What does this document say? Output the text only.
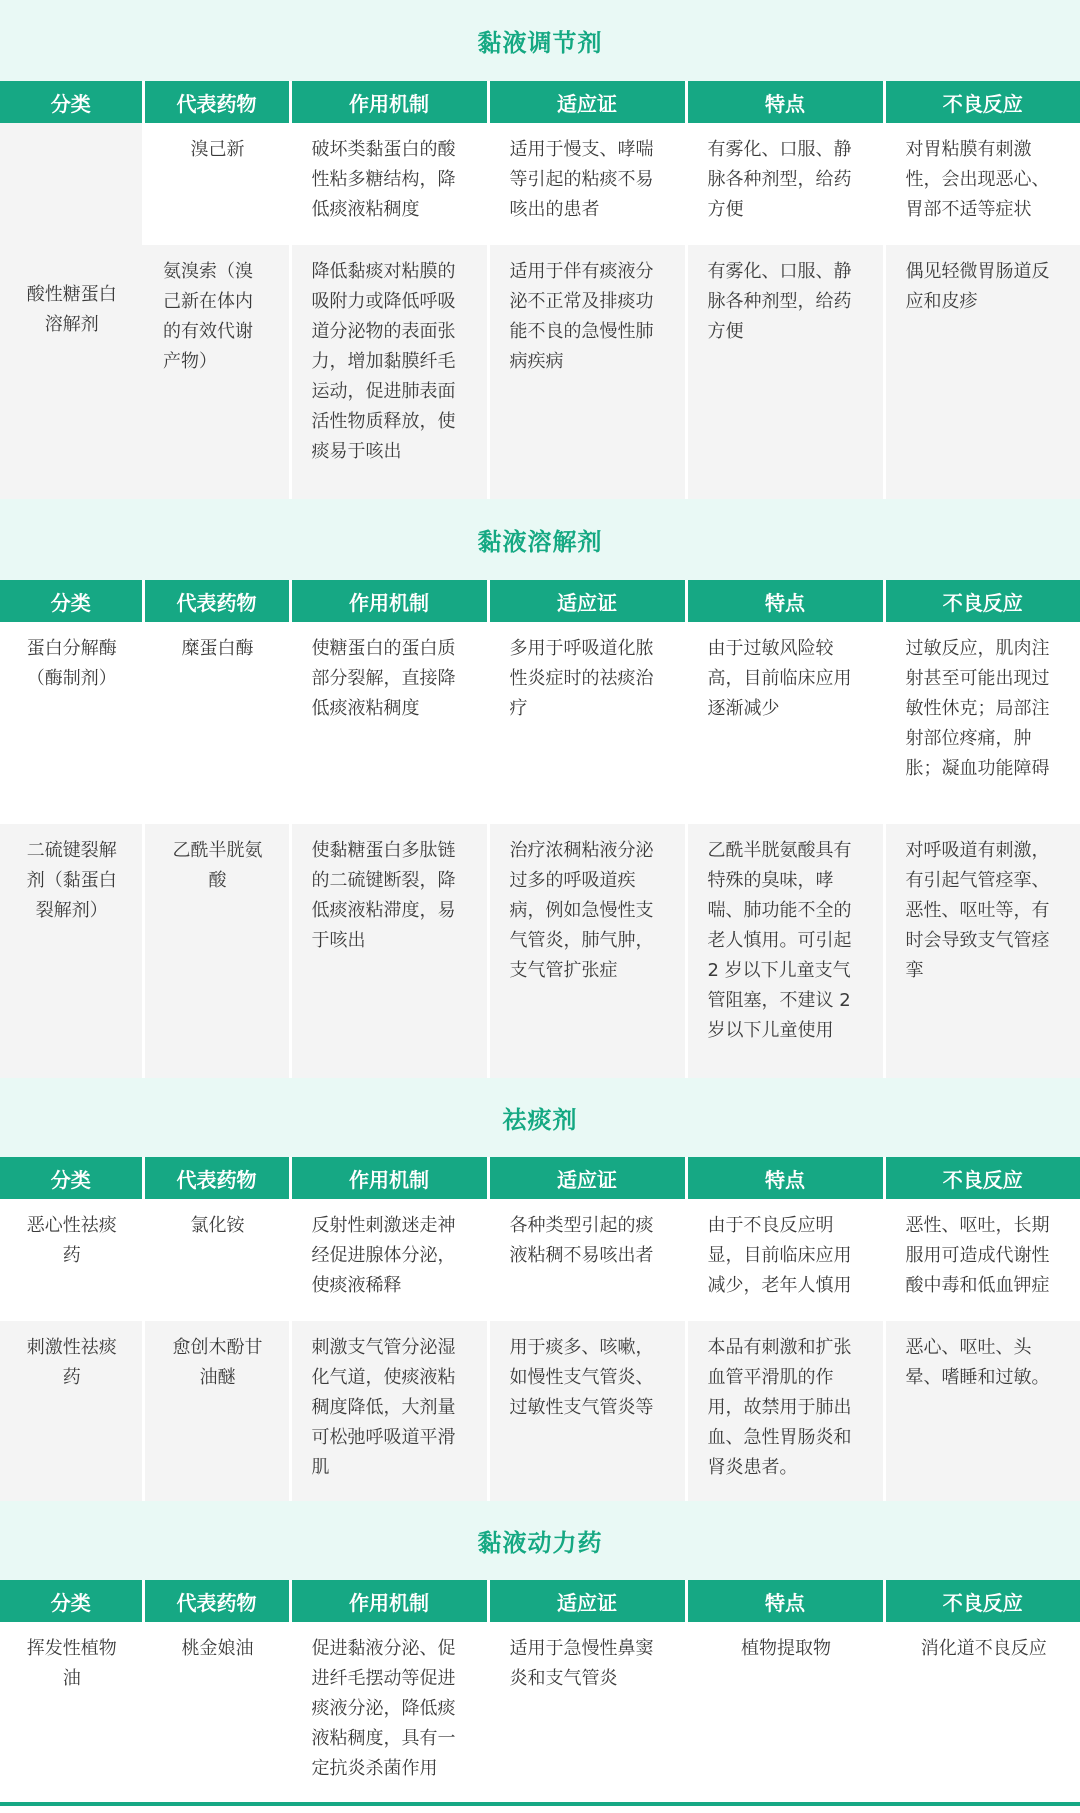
黏液调节剂
分类	代表药物	作用机制	适应证	特点	不良反应
酸性糖蛋白溶解剂	溴己新	破坏类黏蛋白的酸性粘多糖结构，降低痰液粘稠度	适用于慢支、哮喘等引起的粘痰不易咳出的患者	有雾化、口服、静脉各种剂型，给药方便	对胃粘膜有刺激性，会出现恶心、胃部不适等症状
	氨溴索（溴己新在体内的有效代谢产物）	降低黏痰对粘膜的吸附力或降低呼吸道分泌物的表面张力，增加黏膜纤毛运动，促进肺表面活性物质释放，使痰易于咳出	适用于伴有痰液分泌不正常及排痰功能不良的急慢性肺病疾病	有雾化、口服、静脉各种剂型，给药方便	偶见轻微胃肠道反应和皮疹
黏液溶解剂
分类	代表药物	作用机制	适应证	特点	不良反应
蛋白分解酶（酶制剂）	糜蛋白酶	使糖蛋白的蛋白质部分裂解，直接降低痰液粘稠度	多用于呼吸道化脓性炎症时的祛痰治疗	由于过敏风险较高，目前临床应用逐渐减少	过敏反应，肌肉注射甚至可能出现过敏性休克；局部注射部位疼痛，肿胀；凝血功能障碍
二硫键裂解剂（黏蛋白裂解剂）	乙酰半胱氨酸	使黏糖蛋白多肽链的二硫键断裂，降低痰液粘滞度，易于咳出	治疗浓稠粘液分泌过多的呼吸道疾病，例如急慢性支气管炎，肺气肿，支气管扩张症	乙酰半胱氨酸具有特殊的臭味，哮喘、肺功能不全的老人慎用。可引起 2 岁以下儿童支气管阻塞，不建议 2 岁以下儿童使用	对呼吸道有刺激，有引起气管痉挛、恶性、呕吐等，有时会导致支气管痉挛
祛痰剂
分类	代表药物	作用机制	适应证	特点	不良反应
恶心性祛痰药	氯化铵	反射性刺激迷走神经促进腺体分泌，使痰液稀释	各种类型引起的痰液粘稠不易咳出者	由于不良反应明显，目前临床应用减少，老年人慎用	恶性、呕吐，长期服用可造成代谢性酸中毒和低血钾症
刺激性祛痰药	愈创木酚甘油醚	刺激支气管分泌湿化气道，使痰液粘稠度降低，大剂量可松弛呼吸道平滑肌	用于痰多、咳嗽，如慢性支气管炎、过敏性支气管炎等	本品有刺激和扩张血管平滑肌的作用，故禁用于肺出血、急性胃肠炎和肾炎患者。	恶心、呕吐、头晕、嗜睡和过敏。
黏液动力药
分类	代表药物	作用机制	适应证	特点	不良反应
挥发性植物油	桃金娘油	促进黏液分泌、促进纤毛摆动等促进痰液分泌，降低痰液粘稠度，具有一定抗炎杀菌作用	适用于急慢性鼻窦炎和支气管炎	植物提取物	消化道不良反应
